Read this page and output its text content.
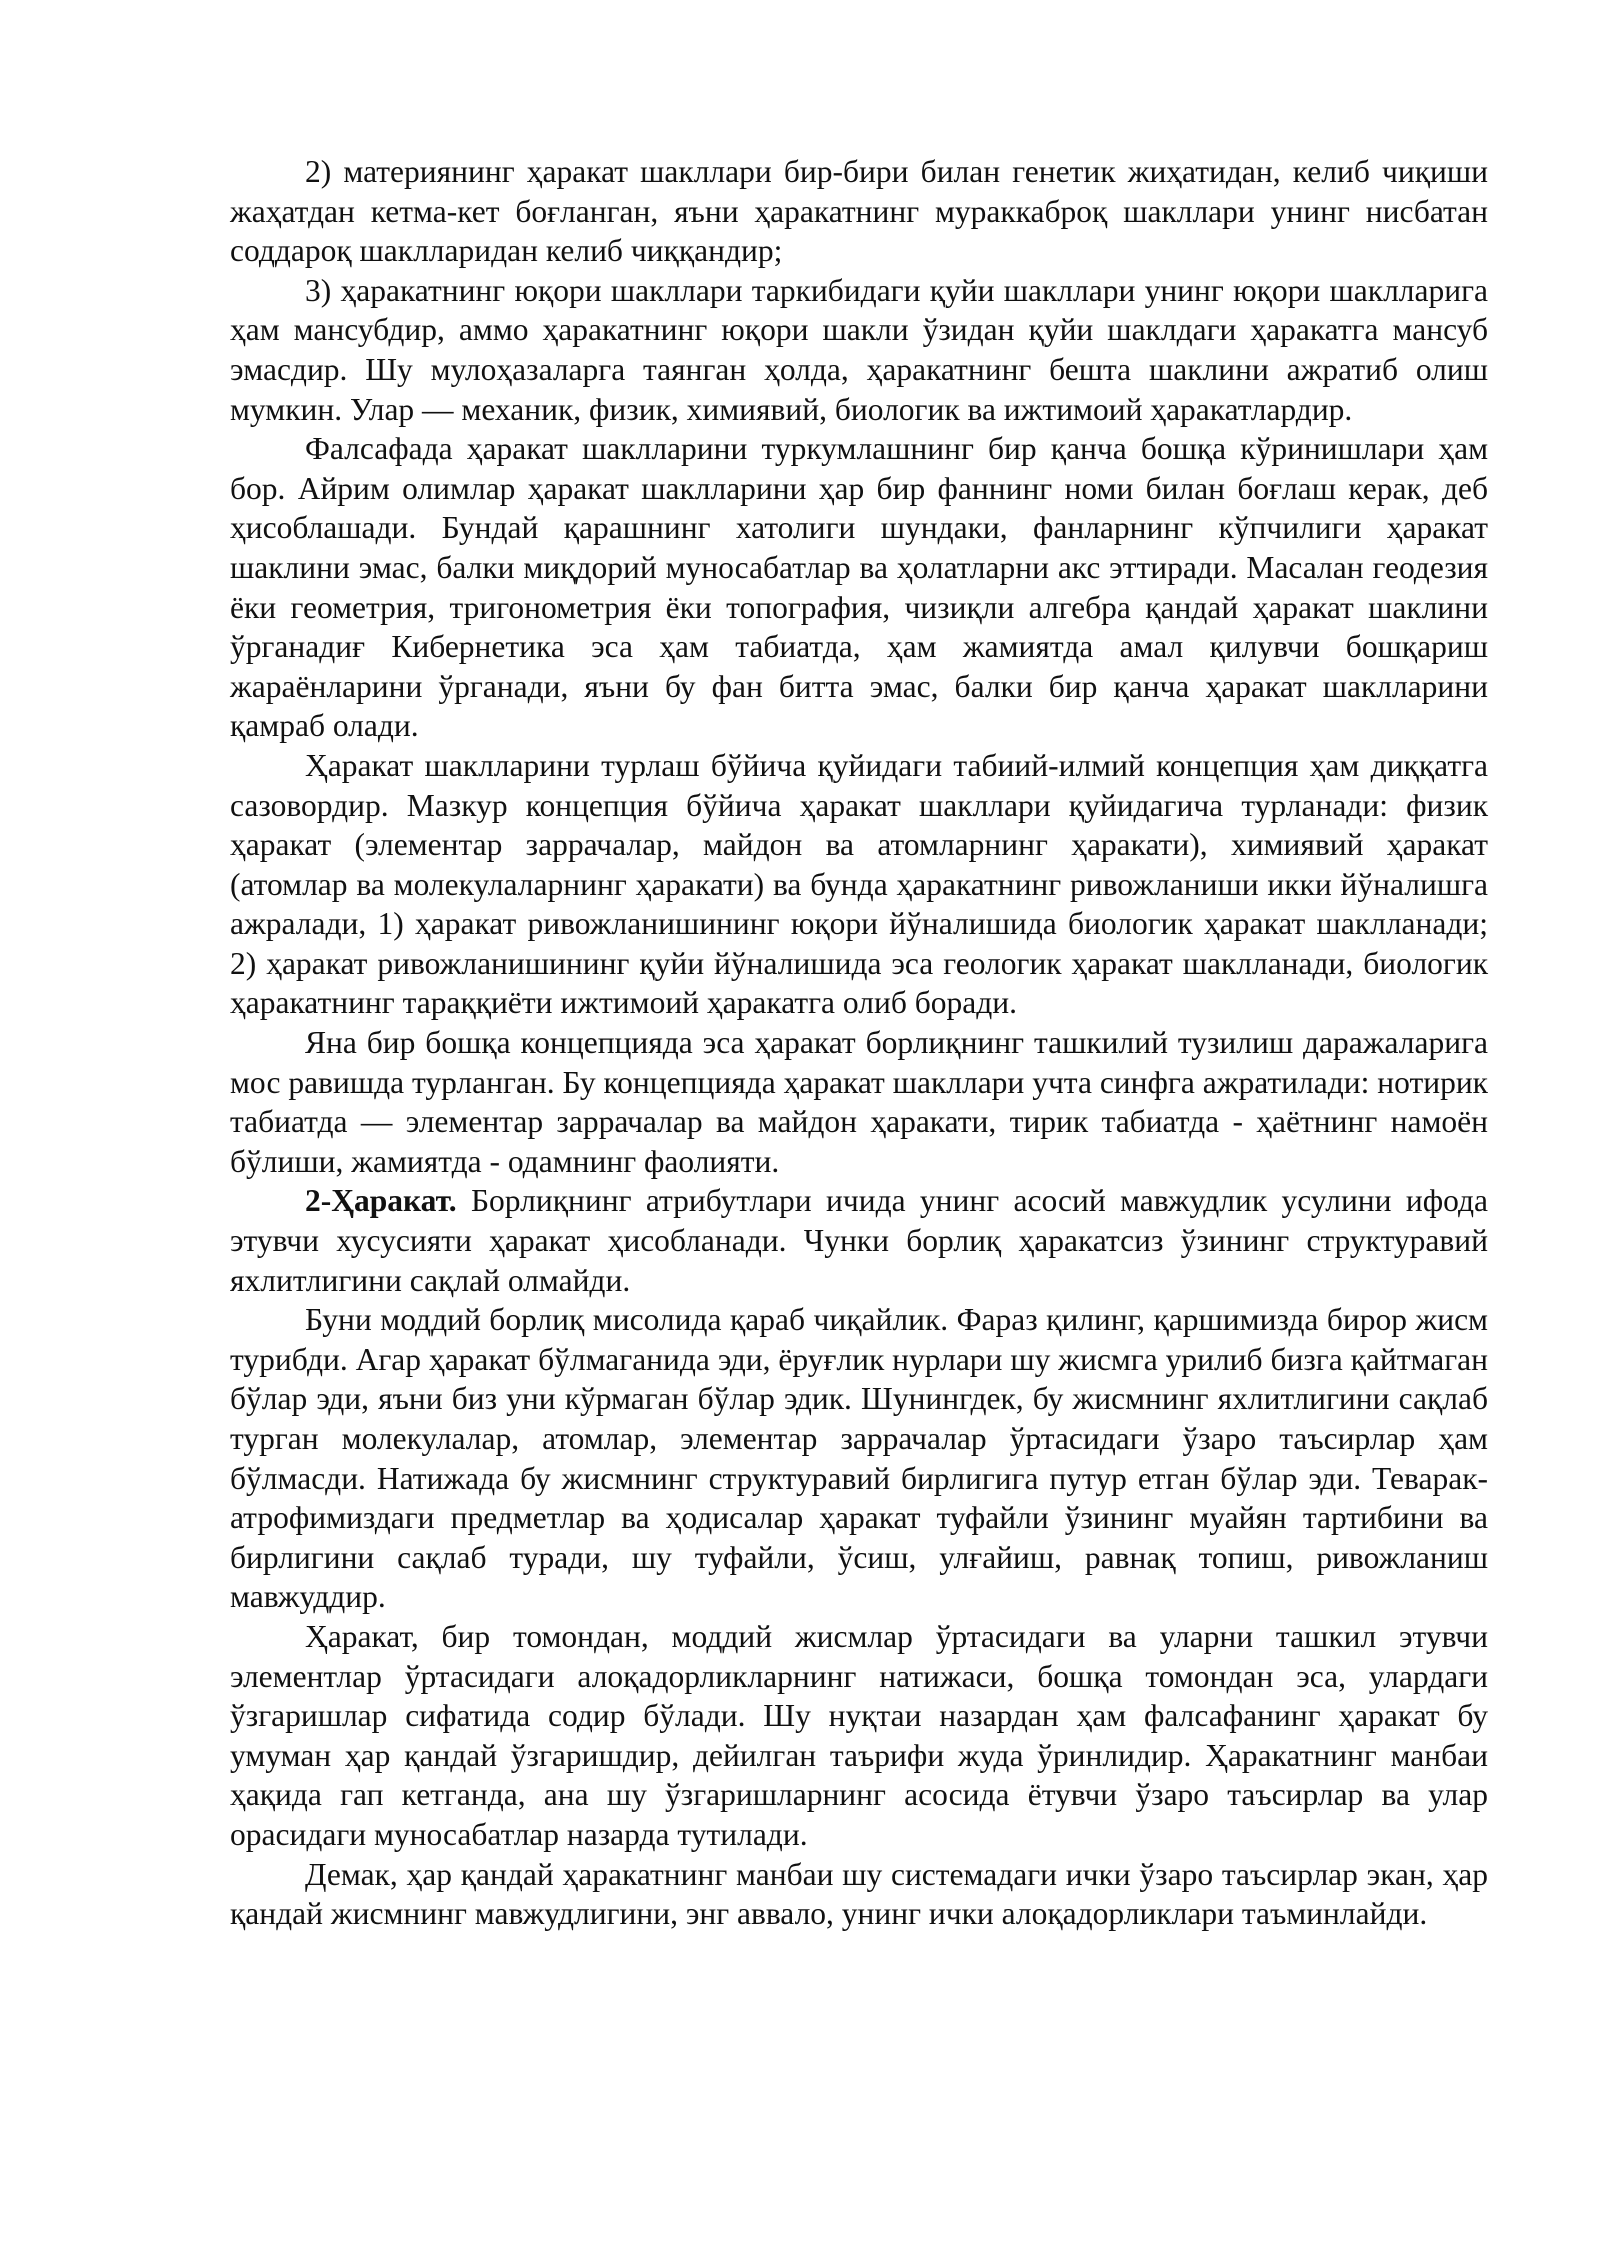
2) материянинг ҳаракат шакллари бир-бири билан генетик жиҳатидан, келиб чиқиши жаҳатдан кетма-кет боғланган, яъни ҳаракатнинг мураккаброқ шакллари унинг нисбатан соддароқ шаклларидан келиб чиққандир;

3) ҳаракатнинг юқори шакллари таркибидаги қуйи шакллари унинг юқори шаклларига ҳам мансубдир, аммо ҳаракатнинг юқори шакли ўзидан қуйи шаклдаги ҳаракатга мансуб эмасдир. Шу мулоҳазаларга таянган ҳолда, ҳаракатнинг бешта шаклини ажратиб олиш мумкин. Улар — механик, физик, химиявий, биологик ва ижтимоий ҳаракатлардир.

Фалсафада ҳаракат шаклларини туркумлашнинг бир қанча бошқа кўринишлари ҳам бор. Айрим олимлар ҳаракат шаклларини ҳар бир фаннинг номи билан боғлаш керак, деб ҳисоблашади. Бундай қарашнинг хатолиги шундаки, фанларнинг кўпчилиги ҳаракат шаклини эмас, балки миқдорий муносабатлар ва ҳолатларни акс эттиради. Масалан геодезия ёки геометрия, тригонометрия ёки топография, чизиқли алгебра қандай ҳаракат шаклини ўрганадиғ Кибернетика эса ҳам табиатда, ҳам жамиятда амал қилувчи бошқариш жараёнларини ўрганади, яъни бу фан битта эмас, балки бир қанча ҳаракат шаклларини қамраб олади.

Ҳаракат шаклларини турлаш бўйича қуйидаги табиий-илмий концепция ҳам диққатга сазовордир. Мазкур концепция бўйича ҳаракат шакллари қуйидагича турланади: физик ҳаракат (элементар заррачалар, майдон ва атомларнинг ҳаракати), химиявий ҳаракат (атомлар ва молекулаларнинг ҳаракати) ва бунда ҳаракатнинг ривожланиши икки йўналишга ажралади, 1) ҳаракат ривожланишининг юқори йўналишида биологик ҳаракат шаклланади; 2) ҳаракат ривожланишининг қуйи йўналишида эса геологик ҳаракат шаклланади, биологик ҳаракатнинг тараққиёти ижтимоий ҳаракатга олиб боради.

Яна бир бошқа концепцияда эса ҳаракат борлиқнинг ташкилий тузилиш даражаларига мос равишда турланган. Бу концепцияда ҳаракат шакллари учта синфга ажратилади: нотирик табиатда — элементар заррачалар ва майдон ҳаракати, тирик табиатда - ҳаётнинг намоён бўлиши, жамиятда - одамнинг фаолияти.

2-Ҳаракат. Борлиқнинг атрибутлари ичида унинг асосий мавжудлик усулини ифода этувчи хусусияти ҳаракат ҳисобланади. Чунки борлиқ ҳаракатсиз ўзининг структуравий яхлитлигини сақлай олмайди.

Буни моддий борлиқ мисолида қараб чиқайлик. Фараз қилинг, қаршимизда бирор жисм турибди. Агар ҳаракат бўлмаганида эди, ёруғлик нурлари шу жисмга урилиб бизга қайтмаган бўлар эди, яъни биз уни кўрмаган бўлар эдик. Шунингдек, бу жисмнинг яхлитлигини сақлаб турган молекулалар, атомлар, элементар заррачалар ўртасидаги ўзаро таъсирлар ҳам бўлмасди. Натижада бу жисмнинг структуравий бирлигига путур етган бўлар эди. Теварак-атрофимиздаги предметлар ва ҳодисалар ҳаракат туфайли ўзининг муайян тартибини ва бирлигини сақлаб туради, шу туфайли, ўсиш, улғайиш, равнақ топиш, ривожланиш мавжуддир.

Ҳаракат, бир томондан, моддий жисмлар ўртасидаги ва уларни ташкил этувчи элементлар ўртасидаги алоқадорликларнинг натижаси, бошқа томондан эса, улардаги ўзгаришлар сифатида содир бўлади. Шу нуқтаи назардан ҳам фалсафанинг ҳаракат бу умуман ҳар қандай ўзгаришдир, дейилган таърифи жуда ўринлидир. Ҳаракатнинг манбаи ҳақида гап кетганда, ана шу ўзгаришларнинг асосида ётувчи ўзаро таъсирлар ва улар орасидаги муносабатлар назарда тутилади.

Демак, ҳар қандай ҳаракатнинг манбаи шу системадаги ички ўзаро таъсирлар экан, ҳар қандай жисмнинг мавжудлигини, энг аввало, унинг ички алоқадорликлари таъминлайди.
